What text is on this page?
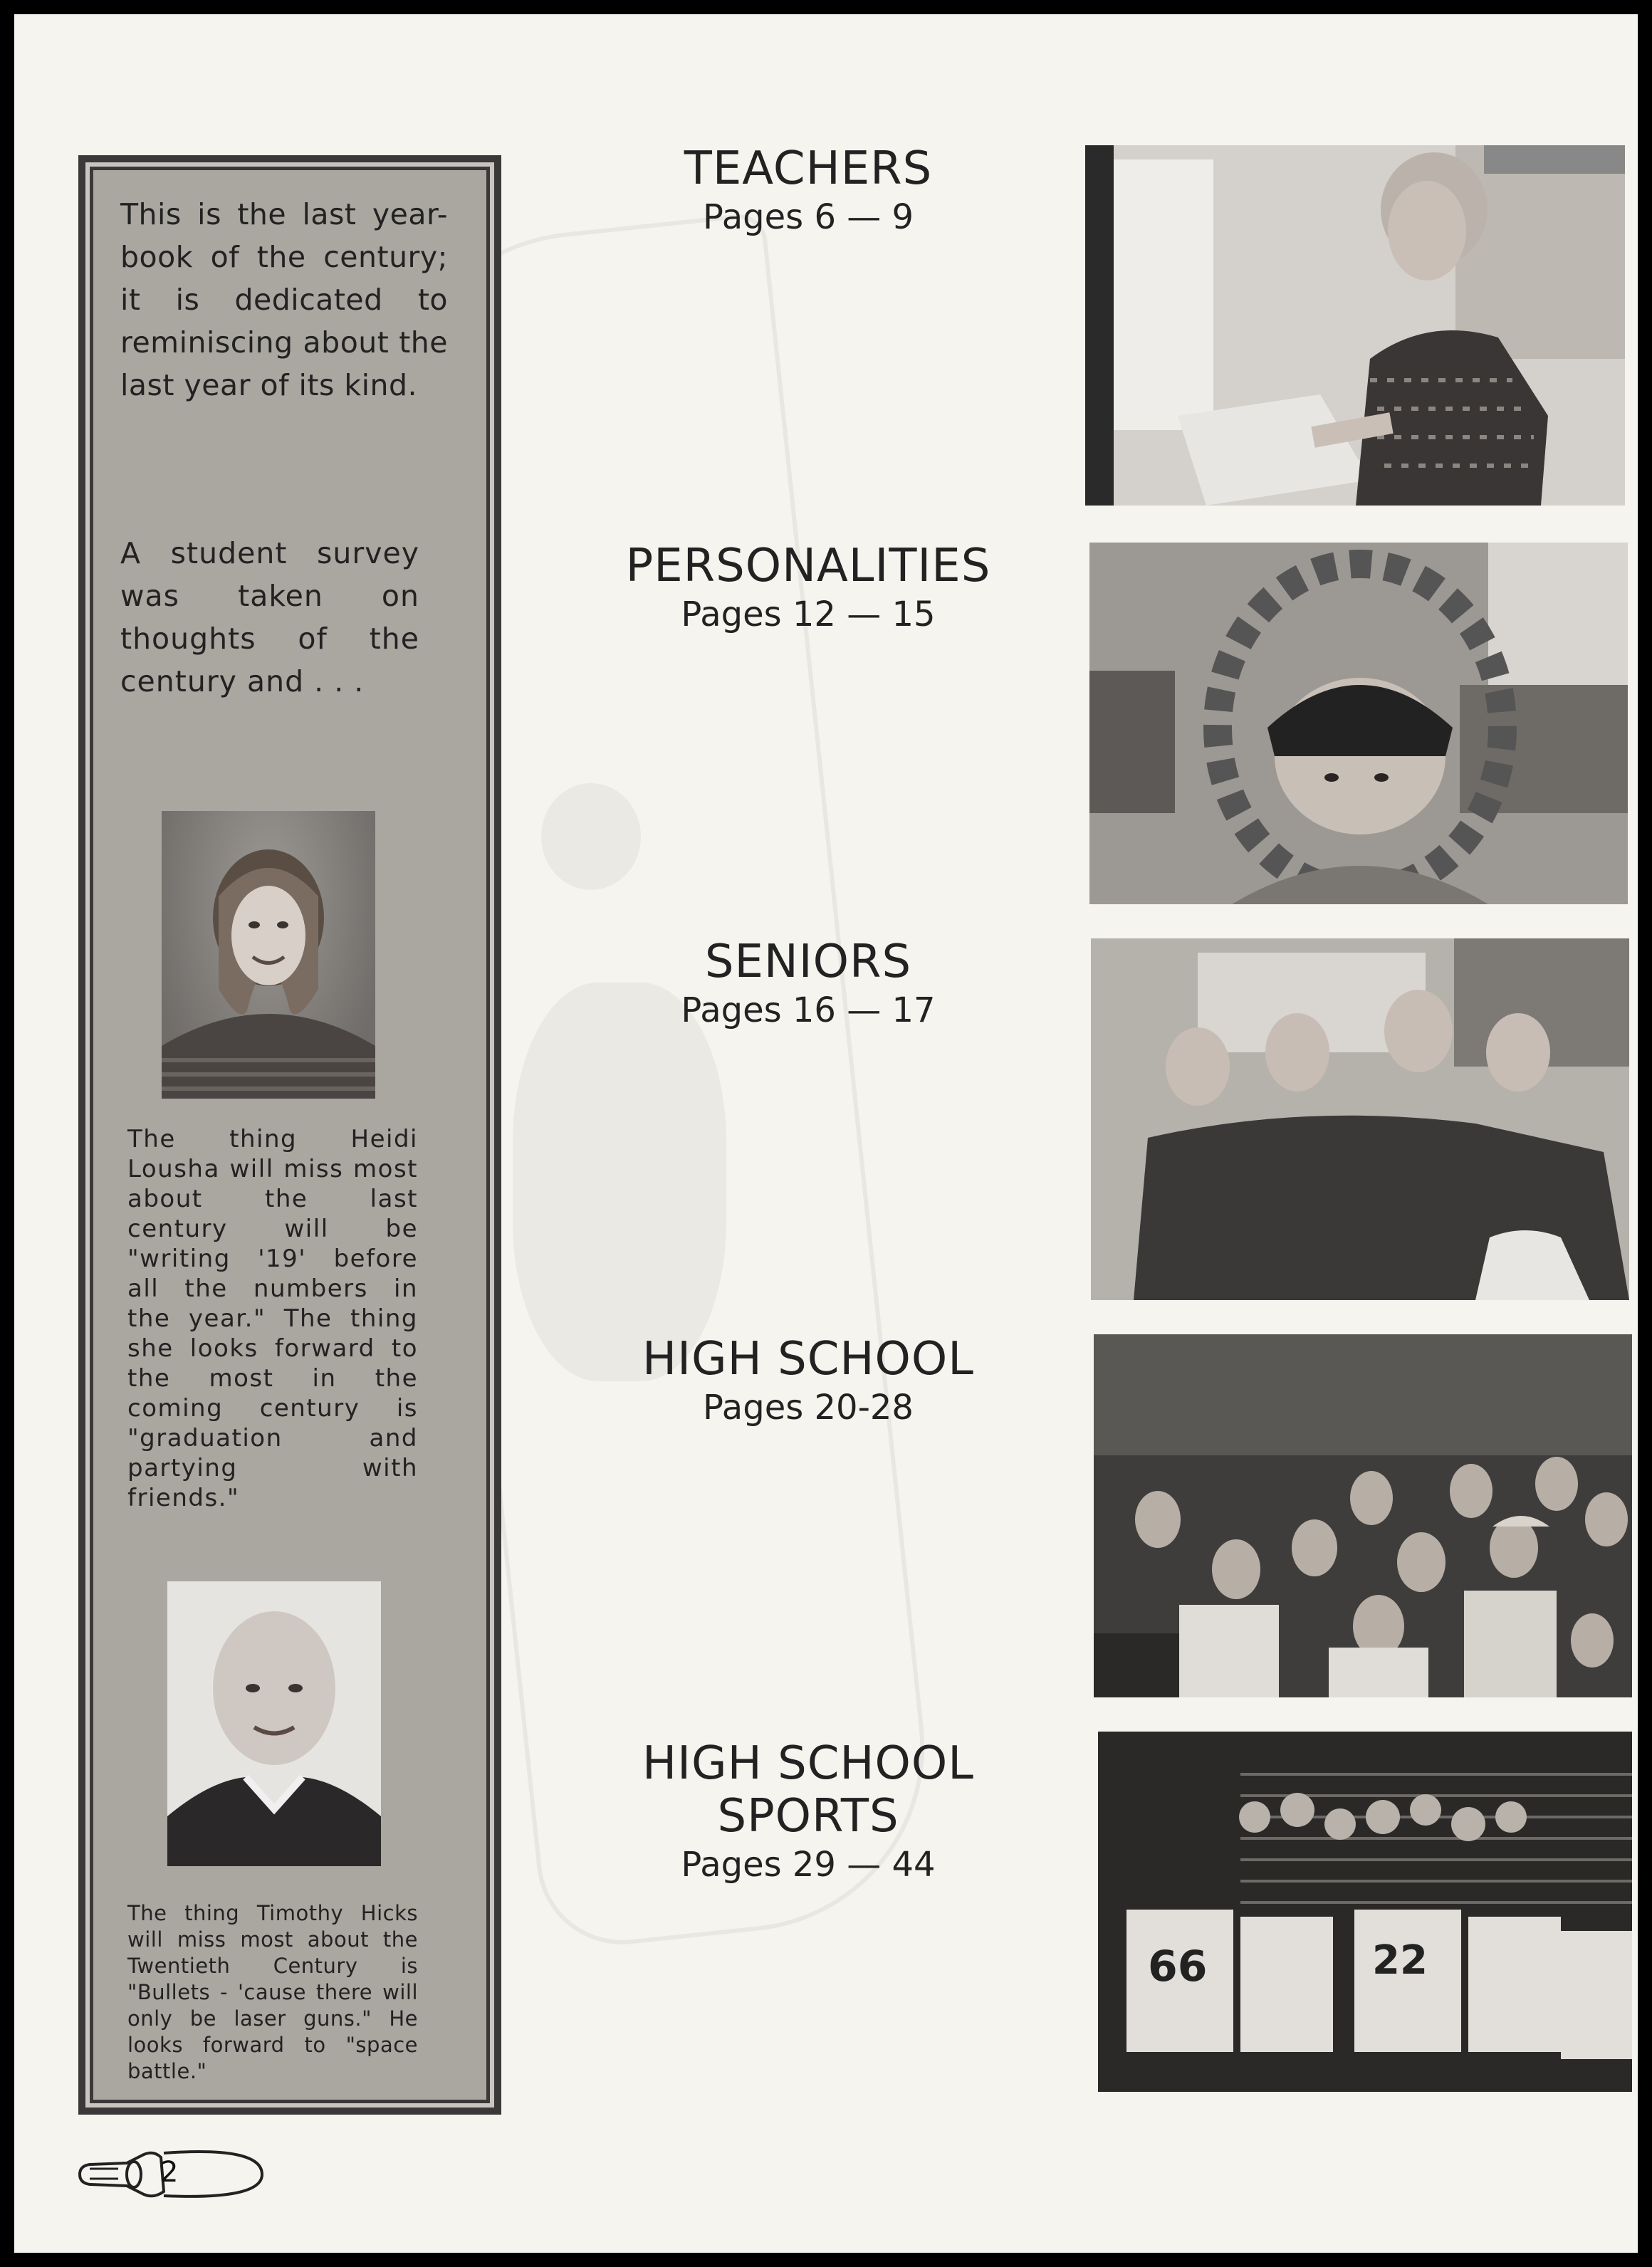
This is the last year-book of the century; it is dedicated to reminiscing about the last year of its kind.

A student survey was taken on thoughts of the century and . . .

The thing Heidi Lousha will miss most about the last century will be "writing '19' before all the numbers in the year." The thing she looks forward to the most in the coming century is "graduation and partying with friends."

The thing Timothy Hicks will miss most about the Twentieth Century is "Bullets - 'cause there will only be laser guns." He looks forward to "space battle."

TEACHERS
Pages 6 — 9
PERSONALITIES
Pages 12 — 15
SENIORS
Pages 16 — 17
HIGH SCHOOL
Pages 20-28
HIGH SCHOOL
SPORTS
Pages 29 — 44
66	22
2
